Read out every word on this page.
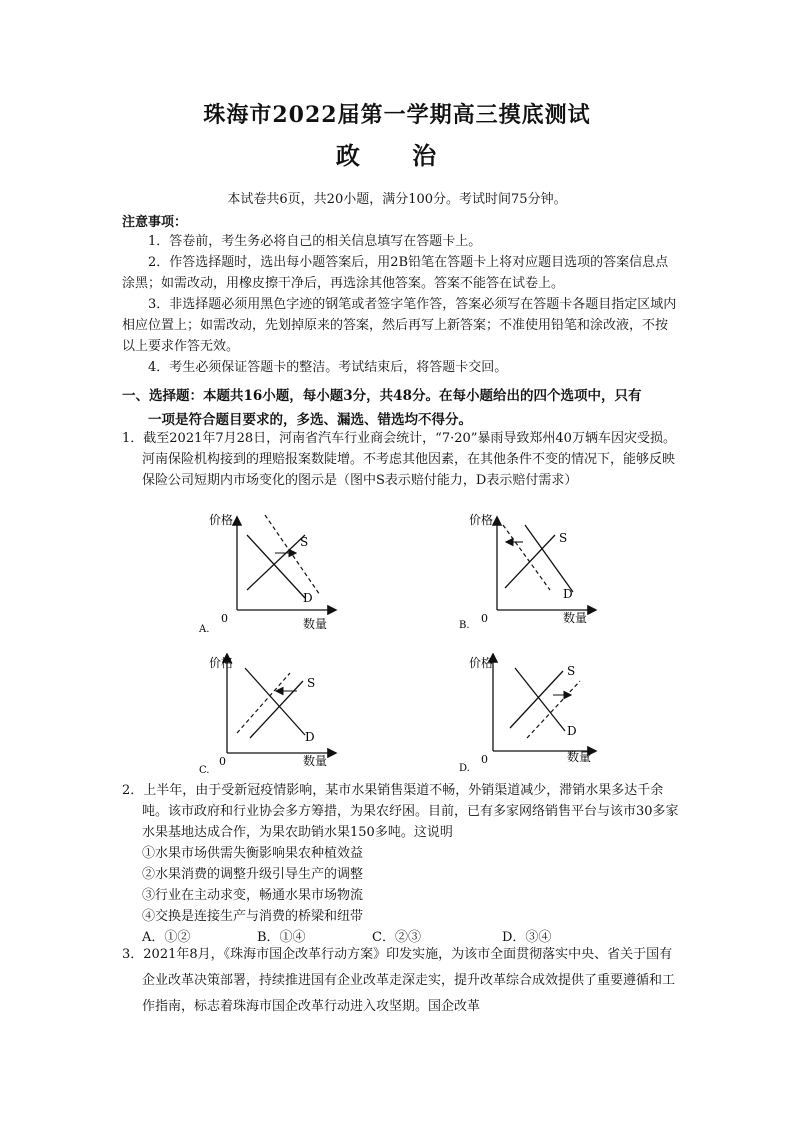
珠海市2022届第一学期高三摸底测试
政 治
本试卷共6页，共20小题，满分100分。考试时间75分钟。
注意事项：

1．答卷前，考生务必将自己的相关信息填写在答题卡上。

2．作答选择题时，选出每小题答案后，用2B铅笔在答题卡上将对应题目选项的答案信息点涂黑；如需改动，用橡皮擦干净后，再选涂其他答案。答案不能答在试卷上。

3．非选择题必须用黑色字迹的钢笔或者签字笔作答，答案必须写在答题卡各题目指定区域内相应位置上；如需改动，先划掉原来的答案，然后再写上新答案；不准使用铅笔和涂改液，不按以上要求作答无效。

4．考生必须保证答题卡的整洁。考试结束后，将答题卡交回。

一、选择题：本题共16小题，每小题3分，共48分。在每小题给出的四个选项中，只有

一项是符合题目要求的，多选、漏选、错选均不得分。

1．截至2021年7月28日，河南省汽车行业商会统计，“7·20”暴雨导致郑州40万辆车因灾受损。河南保险机构接到的理赔报案数陡增。不考虑其他因素，在其他条件不变的情况下，能够反映保险公司短期内市场变化的图示是（图中S表示赔付能力，D表示赔付需求）

价格
S
D
0	数量
A.
价格
S
D
0	数量
B.
价格
S
D
0	数量
C.
价格
S
D
0	数量
D.

2．上半年，由于受新冠疫情影响，某市水果销售渠道不畅，外销渠道减少，滞销水果多达千余吨。该市政府和行业协会多方筹措，为果农纾困。目前，已有多家网络销售平台与该市30多家水果基地达成合作，为果农助销水果150多吨。这说明

①水果市场供需失衡影响果农种植效益

②水果消费的调整升级引导生产的调整

③行业在主动求变，畅通水果市场物流

④交换是连接生产与消费的桥梁和纽带

A．①②	B．①④	C．②③	D．③④

3．2021年8月，《珠海市国企改革行动方案》印发实施，为该市全面贯彻落实中央、省关于国有企业改革决策部署，持续推进国有企业改革走深走实，提升改革综合成效提供了重要遵循和工作指南，标志着珠海市国企改革行动进入攻坚期。国企改革
